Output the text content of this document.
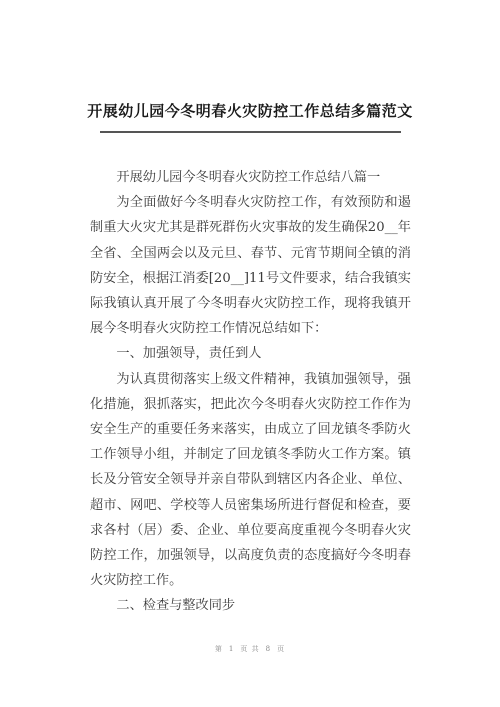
开展幼儿园今冬明春火灾防控工作总结多篇范文

开展幼儿园今冬明春火灾防控工作总结八篇一

为全面做好今冬明春火灾防控工作，有效预防和遏制重大火灾尤其是群死群伤火灾事故的发生确保20__年全省、全国两会以及元旦、春节、元宵节期间全镇的消防安全，根据江消委[20__]11号文件要求，结合我镇实际我镇认真开展了今冬明春火灾防控工作，现将我镇开展今冬明春火灾防控工作情况总结如下：

一、加强领导，责任到人

为认真贯彻落实上级文件精神，我镇加强领导，强化措施，狠抓落实，把此次今冬明春火灾防控工作作为安全生产的重要任务来落实，由成立了回龙镇冬季防火工作领导小组，并制定了回龙镇冬季防火工作方案。镇长及分管安全领导并亲自带队到辖区内各企业、单位、超市、网吧、学校等人员密集场所进行督促和检查，要求各村（居）委、企业、单位要高度重视今冬明春火灾防控工作，加强领导，以高度负责的态度搞好今冬明春火灾防控工作。

二、检查与整改同步

第 1 页 共 8 页
